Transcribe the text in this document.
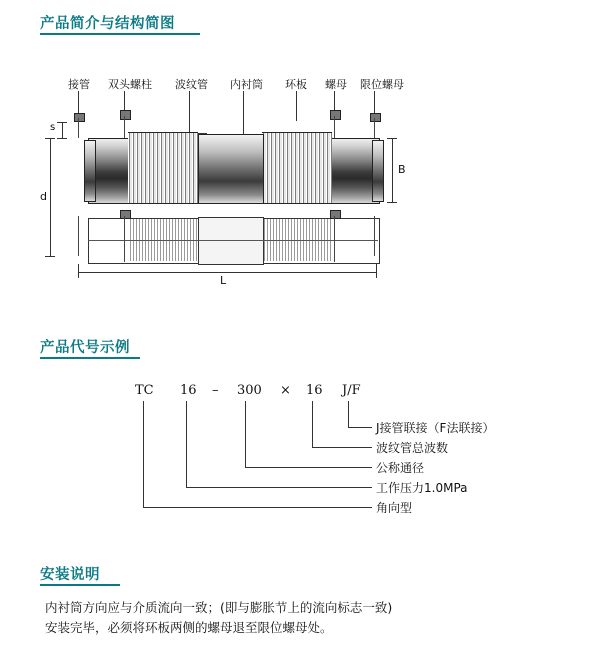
产品简介与结构简图
接管 双头螺柱 波纹管 内衬筒 环板 螺母 限位螺母
s
d
B
L
产品代号示例
TC 16 – 300 × 16 J/F
J接管联接（F法联接）
波纹管总波数
公称通径
工作压力1.0MPa
角向型
安装说明
内衬筒方向应与介质流向一致；(即与膨胀节上的流向标志一致)
安装完毕，必须将环板两侧的螺母退至限位螺母处。
